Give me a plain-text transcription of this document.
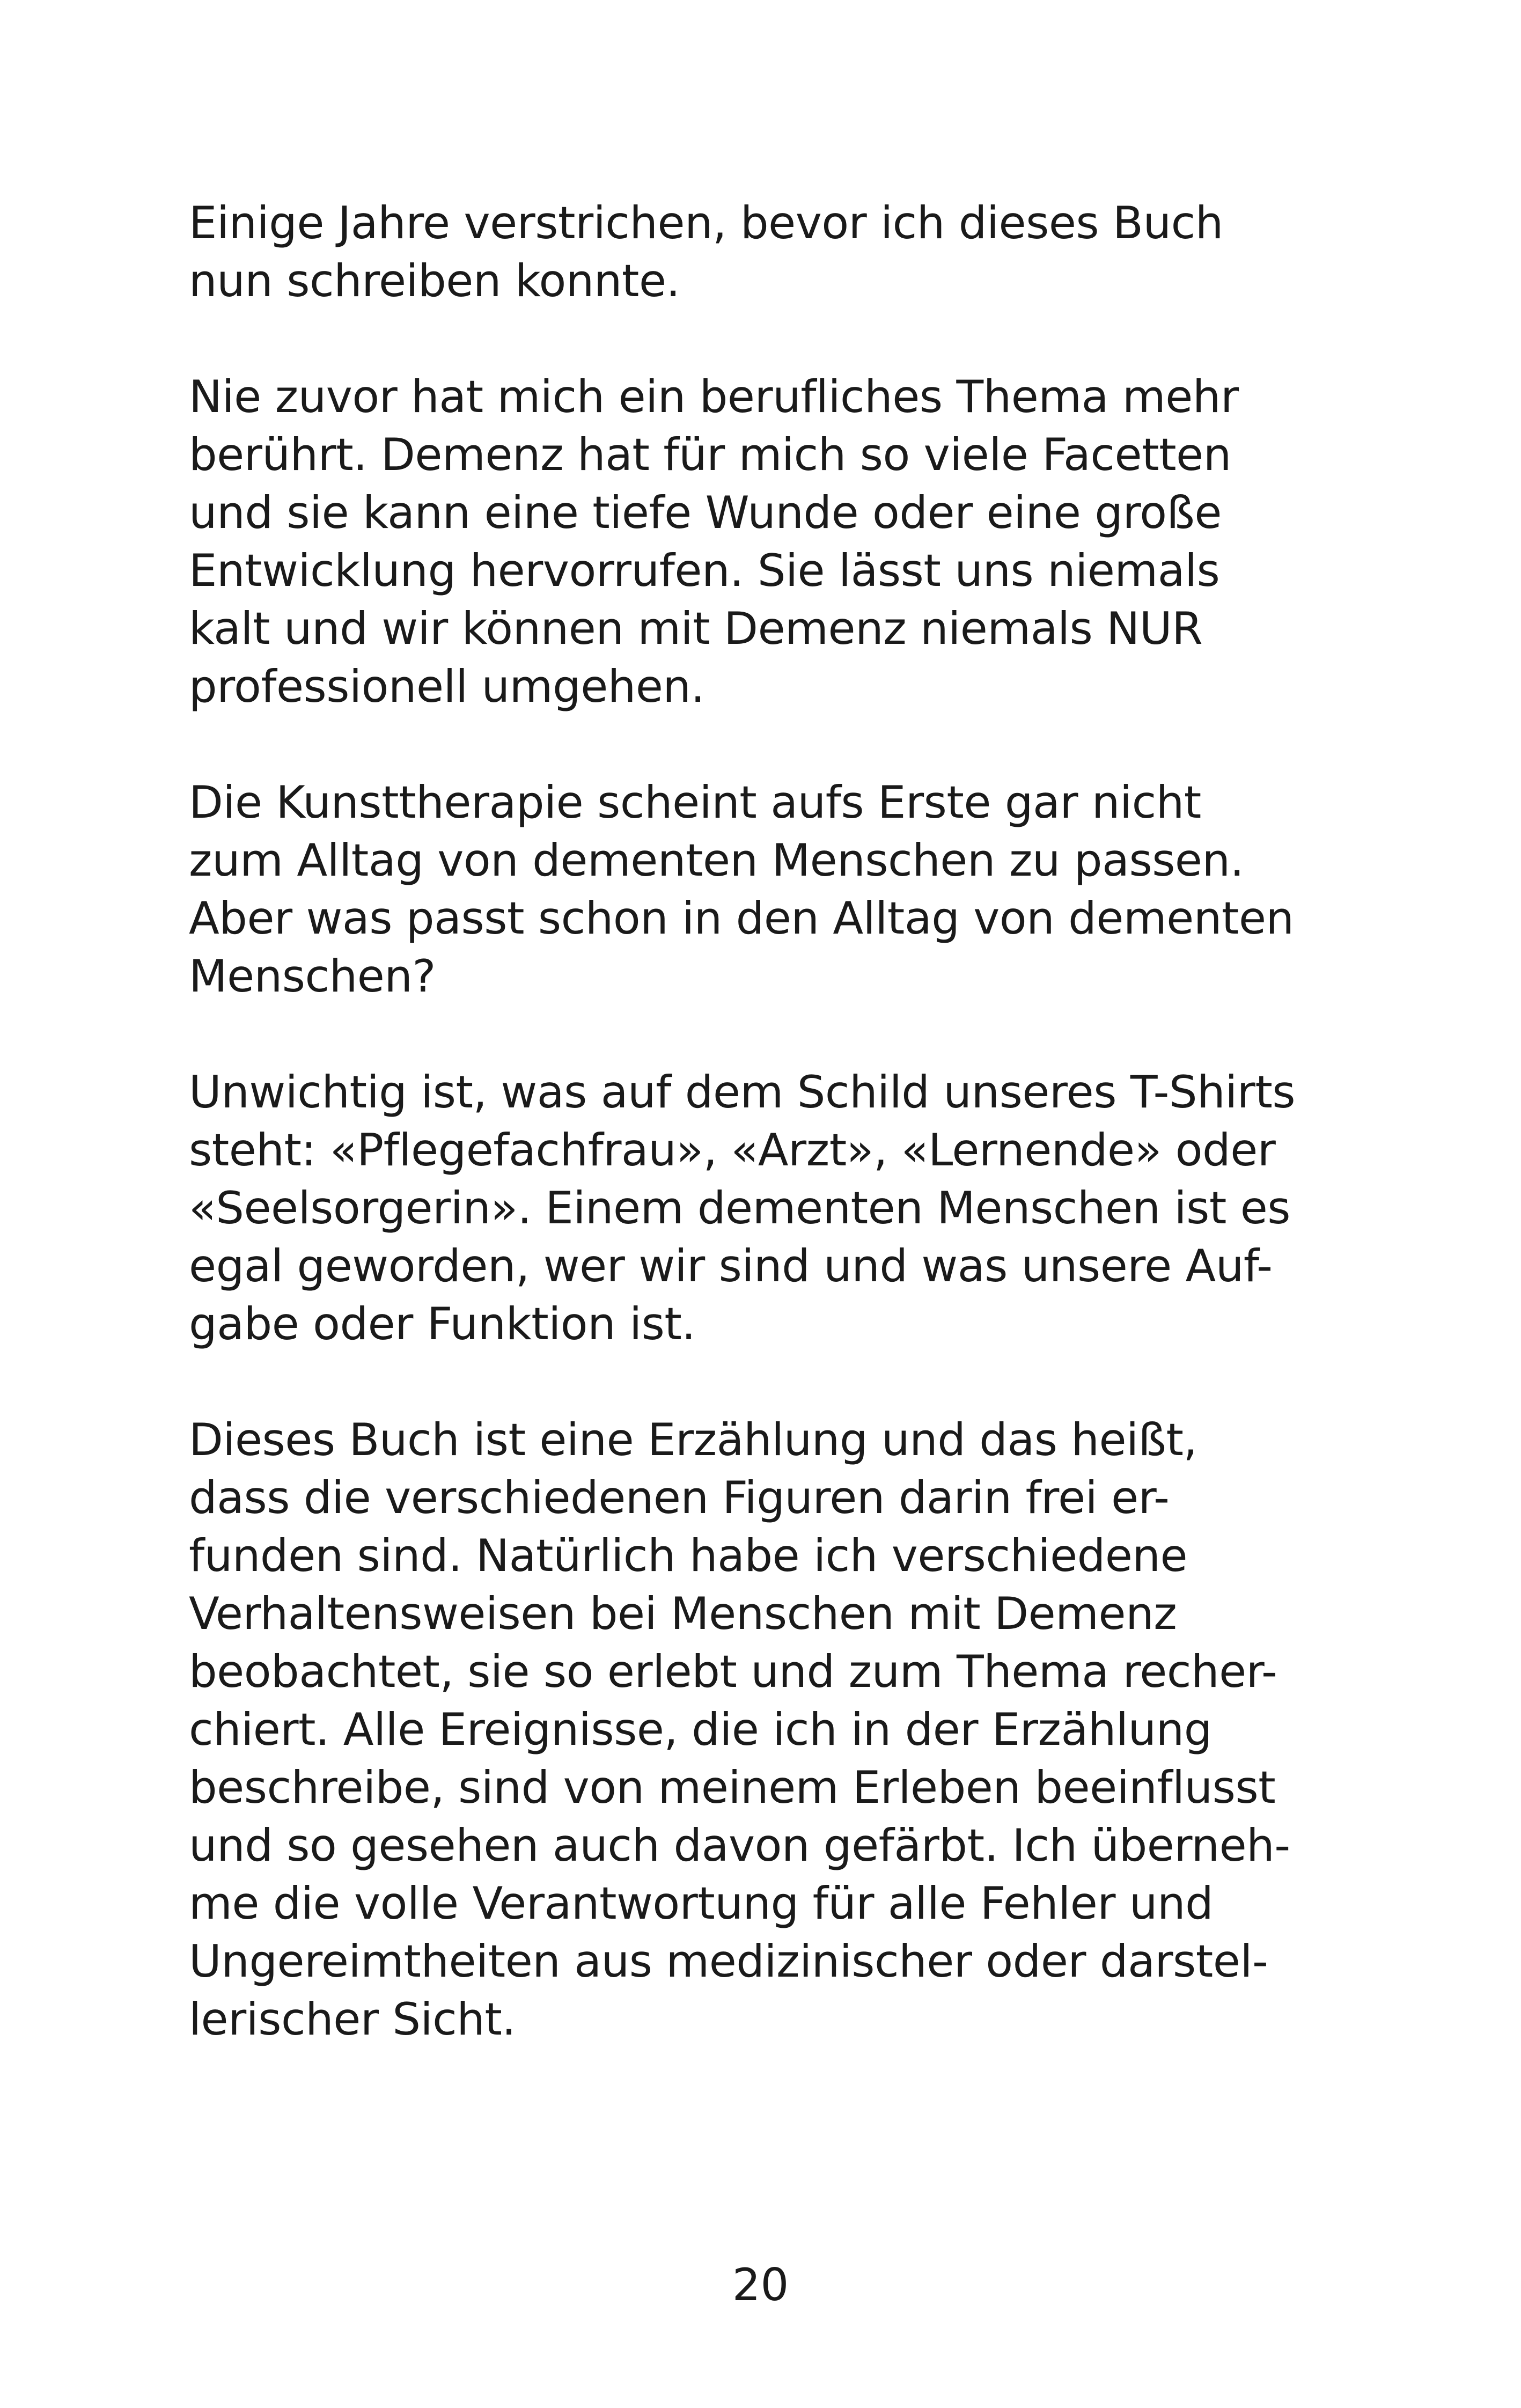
Einige Jahre verstrichen, bevor ich dieses Buch
nun schreiben konnte.

Nie zuvor hat mich ein berufliches Thema mehr
berührt. Demenz hat für mich so viele Facetten
und sie kann eine tiefe Wunde oder eine große
Entwicklung hervorrufen. Sie lässt uns niemals
kalt und wir können mit Demenz niemals NUR
professionell umgehen.

Die Kunsttherapie scheint aufs Erste gar nicht
zum Alltag von dementen Menschen zu passen.
Aber was passt schon in den Alltag von dementen
Menschen?

Unwichtig ist, was auf dem Schild unseres T-Shirts
steht: «Pflegefachfrau», «Arzt», «Lernende» oder
«Seelsorgerin». Einem dementen Menschen ist es
egal geworden, wer wir sind und was unsere Auf-
gabe oder Funktion ist.

Dieses Buch ist eine Erzählung und das heißt,
dass die verschiedenen Figuren darin frei er-
funden sind. Natürlich habe ich verschiedene
Verhaltensweisen bei Menschen mit Demenz
beobachtet, sie so erlebt und zum Thema recher-
chiert. Alle Ereignisse, die ich in der Erzählung
beschreibe, sind von meinem Erleben beeinflusst
und so gesehen auch davon gefärbt. Ich überneh-
me die volle Verantwortung für alle Fehler und
Ungereimtheiten aus medizinischer oder darstel-
lerischer Sicht.

20
